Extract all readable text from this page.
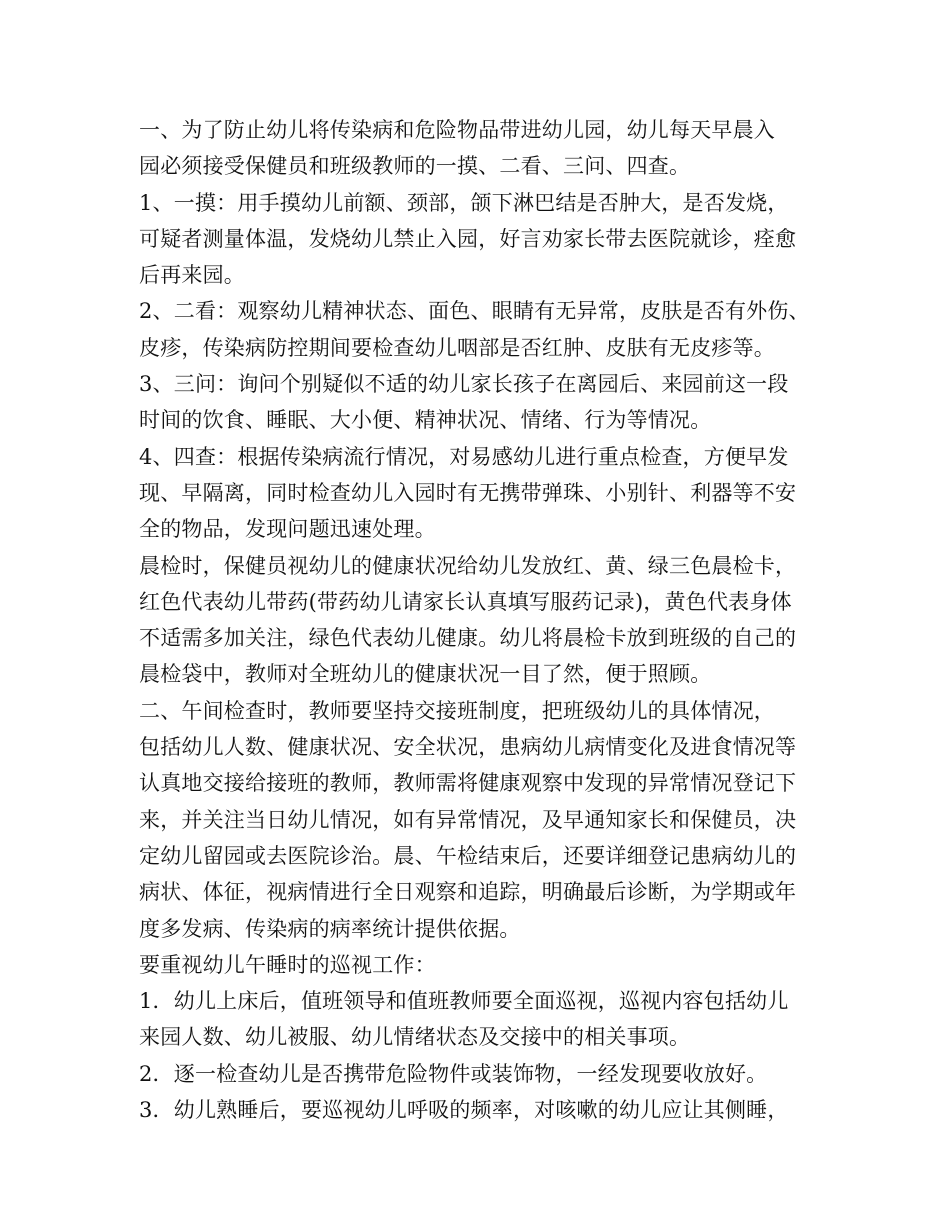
一、为了防止幼儿将传染病和危险物品带进幼儿园，幼儿每天早晨入
园必须接受保健员和班级教师的一摸、二看、三问、四查。
1、一摸：用手摸幼儿前额、颈部，颌下淋巴结是否肿大，是否发烧，
可疑者测量体温，发烧幼儿禁止入园，好言劝家长带去医院就诊，痊愈
后再来园。
2、二看：观察幼儿精神状态、面色、眼睛有无异常，皮肤是否有外伤、
皮疹，传染病防控期间要检查幼儿咽部是否红肿、皮肤有无皮疹等。
3、三问：询问个别疑似不适的幼儿家长孩子在离园后、来园前这一段
时间的饮食、睡眠、大小便、精神状况、情绪、行为等情况。
4、四查：根据传染病流行情况，对易感幼儿进行重点检查，方便早发
现、早隔离，同时检查幼儿入园时有无携带弹珠、小别针、利器等不安
全的物品，发现问题迅速处理。
晨检时，保健员视幼儿的健康状况给幼儿发放红、黄、绿三色晨检卡，
红色代表幼儿带药(带药幼儿请家长认真填写服药记录)，黄色代表身体
不适需多加关注，绿色代表幼儿健康。幼儿将晨检卡放到班级的自己的
晨检袋中，教师对全班幼儿的健康状况一目了然，便于照顾。
二、午间检查时，教师要坚持交接班制度，把班级幼儿的具体情况，
包括幼儿人数、健康状况、安全状况，患病幼儿病情变化及进食情况等
认真地交接给接班的教师，教师需将健康观察中发现的异常情况登记下
来，并关注当日幼儿情况，如有异常情况，及早通知家长和保健员，决
定幼儿留园或去医院诊治。晨、午检结束后，还要详细登记患病幼儿的
病状、体征，视病情进行全日观察和追踪，明确最后诊断，为学期或年
度多发病、传染病的病率统计提供依据。
要重视幼儿午睡时的巡视工作：
1．幼儿上床后，值班领导和值班教师要全面巡视，巡视内容包括幼儿
来园人数、幼儿被服、幼儿情绪状态及交接中的相关事项。
2．逐一检查幼儿是否携带危险物件或装饰物，一经发现要收放好。
3．幼儿熟睡后，要巡视幼儿呼吸的频率，对咳嗽的幼儿应让其侧睡，
